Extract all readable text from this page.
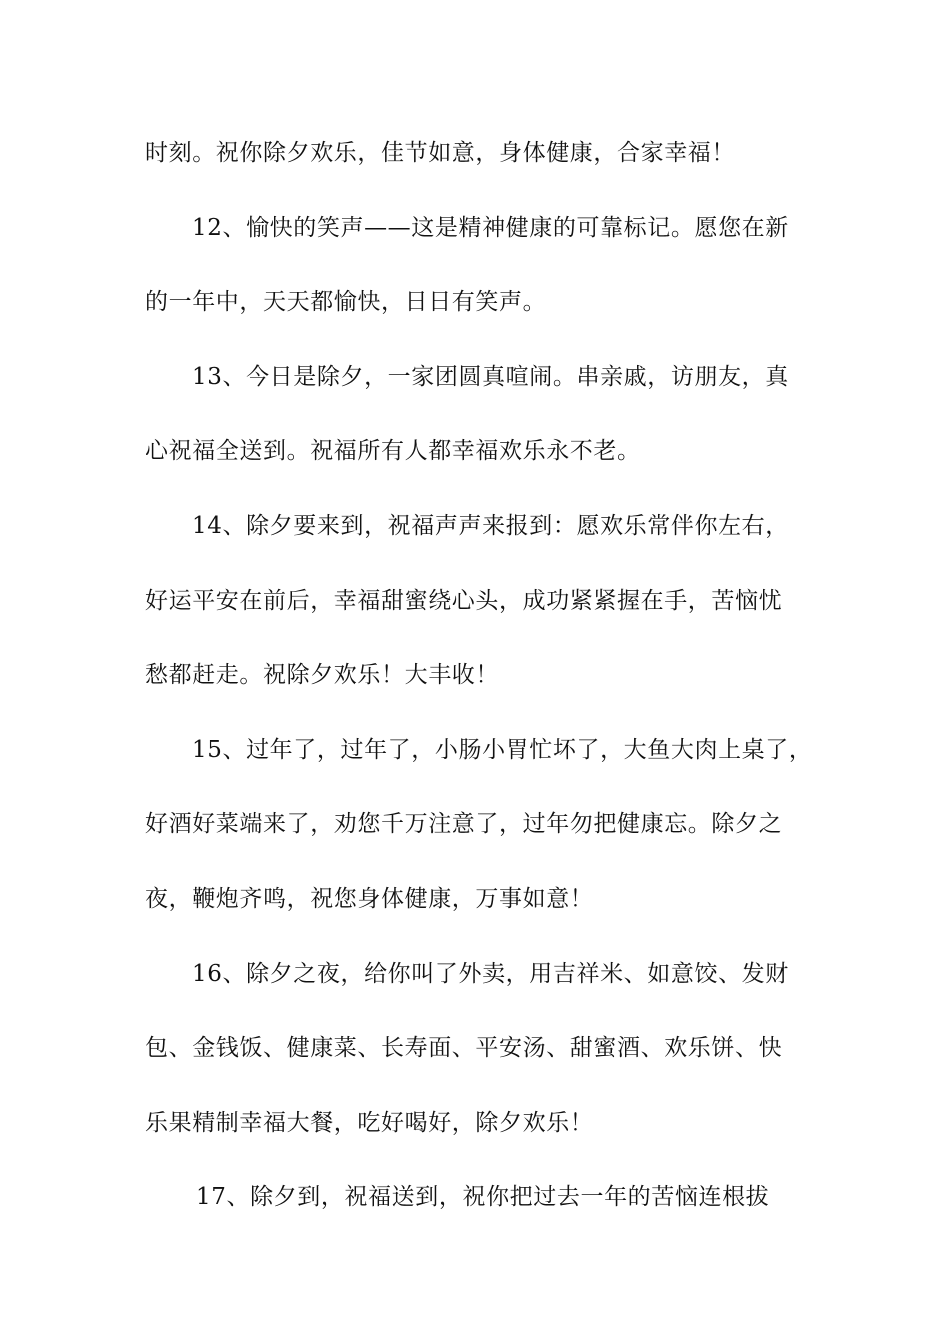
时刻。祝你除夕欢乐，佳节如意，身体健康，合家幸福！
12、愉快的笑声——这是精神健康的可靠标记。愿您在新
的一年中，天天都愉快，日日有笑声。
13、今日是除夕，一家团圆真喧闹。串亲戚，访朋友，真
心祝福全送到。祝福所有人都幸福欢乐永不老。
14、除夕要来到，祝福声声来报到：愿欢乐常伴你左右，
好运平安在前后，幸福甜蜜绕心头，成功紧紧握在手，苦恼忧
愁都赶走。祝除夕欢乐！大丰收！
15、过年了，过年了，小肠小胃忙坏了，大鱼大肉上桌了，
好酒好菜端来了，劝您千万注意了，过年勿把健康忘。除夕之
夜，鞭炮齐鸣，祝您身体健康，万事如意！
16、除夕之夜，给你叫了外卖，用吉祥米、如意饺、发财
包、金钱饭、健康菜、长寿面、平安汤、甜蜜酒、欢乐饼、快
乐果精制幸福大餐，吃好喝好，除夕欢乐！
17、除夕到，祝福送到，祝你把过去一年的苦恼连根拔
